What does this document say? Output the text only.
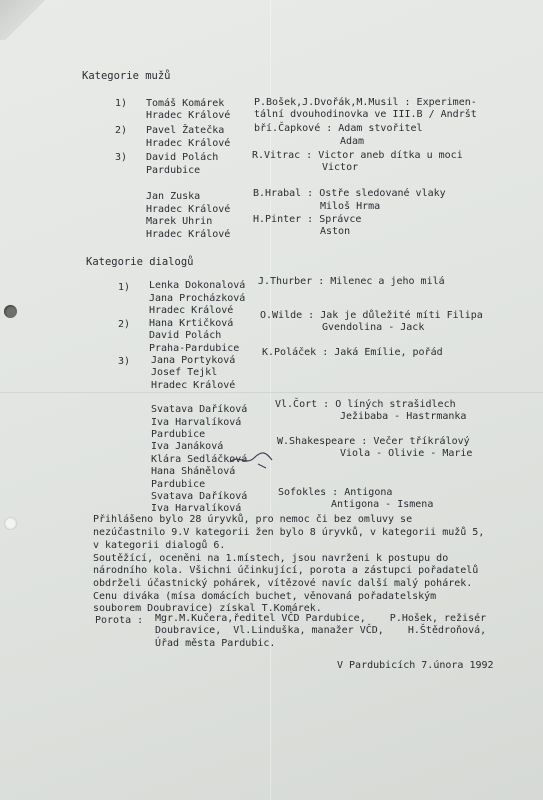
Kategorie mužů
1) Tomáš Komárek
Hradec Králové
P.Bošek,J.Dvořák,M.Musil : Experimen-
tální dvouhodinovka ve III.B / Andršt
2) Pavel Žatečka
Hradec Králové
bří.Čapkové : Adam stvořitel
Adam
3) David Polách
Pardubice
R.Vitrac : Victor aneb dítka u moci
Victor
Jan Zuska
Hradec Králové
B.Hrabal : Ostře sledované vlaky
Miloš Hrma
Marek Uhrin
Hradec Králové
H.Pinter : Správce
Aston
Kategorie dialogů
1) Lenka Dokonalová
Jana Procházková
Hradec Králové
J.Thurber : Milenec a jeho milá
2) Hana Krtičková
David Polách
Praha-Pardubice
O.Wilde : Jak je důležité míti Filipa
Gvendolina - Jack
3) Jana Portyková
Josef Tejkl
Hradec Králové
K.Poláček : Jaká Emílie, pořád
Svatava Daříková
Iva Harvalíková
Pardubice
Vl.Čort : O líných strašidlech
Ježibaba - Hastrmanka
Iva Janáková
Klára Sedláčková
Hana Shánělová
Pardubice
W.Shakespeare : Večer tříkrálový
Viola - Olivie - Marie
Svatava Daříková
Iva Harvalíková
Sofokles : Antigona
Antigona - Ismena
Přihlášeno bylo 28 úryvků, pro nemoc či bez omluvy se
nezúčastnilo 9.V kategorii žen bylo 8 úryvků, v kategorii mužů 5,
v kategorii dialogů 6.
Soutěžící, oceněni na 1.místech, jsou navrženi k postupu do
národního kola. Všichni účinkující, porota a zástupci pořadatelů
obdrželi účastnický pohárek, vítězové navíc další malý pohárek.
Cenu diváka (mísa domácích buchet, věnovaná pořadatelským
souborem Doubravice) získal T.Komárek.
Porota : Mgr.M.Kučera,ředitel VČD Pardubice,    P.Hošek, režisér
Doubravice,  Vl.Linduška, manažer VČD,    H.Štědroňová,
Úřad města Pardubic.
V Pardubicích 7.února 1992
